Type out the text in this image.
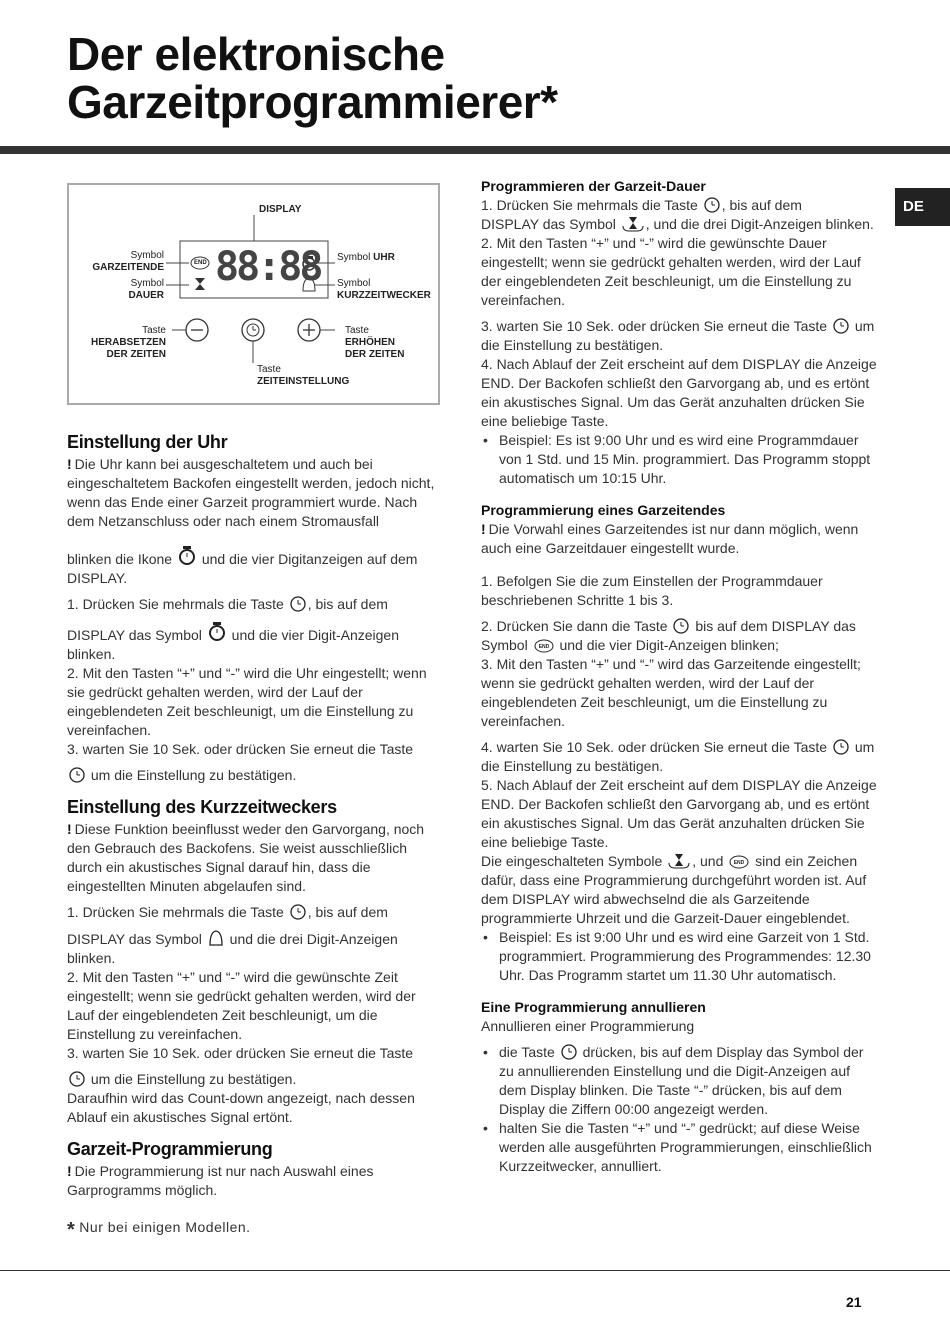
Der elektronische
Garzeitprogrammierer*
DE
DISPLAY
88:88
END
Symbol
GARZEITENDE
Symbol
DAUER
Symbol UHR
Symbol
KURZZEITWECKER
Taste
HERABSETZEN
DER ZEITEN
Taste
ERHÖHEN
DER ZEITEN
Taste
ZEITEINSTELLUNG
Einstellung der Uhr

! Die Uhr kann bei ausgeschaltetem und auch bei eingeschaltetem Backofen eingestellt werden, jedoch nicht, wenn das Ende einer Garzeit programmiert wurde. Nach dem Netzanschluss oder nach einem Stromausfall

blinken die Ikone und die vier Digitanzeigen auf dem DISPLAY.

1. Drücken Sie mehrmals die Taste , bis auf dem

DISPLAY das Symbol und die vier Digit-Anzeigen blinken.

2. Mit den Tasten “+” und “-” wird die Uhr eingestellt; wenn sie gedrückt gehalten werden, wird der Lauf der eingeblendeten Zeit beschleunigt, um die Einstellung zu vereinfachen.

3. warten Sie 10 Sek. oder drücken Sie erneut die Taste

um die Einstellung zu bestätigen.

Einstellung des Kurzzeitweckers

! Diese Funktion beeinflusst weder den Garvorgang, noch den Gebrauch des Backofens. Sie weist ausschließlich durch ein akustisches Signal darauf hin, dass die eingestellten Minuten abgelaufen sind.

1. Drücken Sie mehrmals die Taste , bis auf dem

DISPLAY das Symbol und die drei Digit-Anzeigen blinken.

2. Mit den Tasten “+” und “-” wird die gewünschte Zeit eingestellt; wenn sie gedrückt gehalten werden, wird der Lauf der eingeblendeten Zeit beschleunigt, um die Einstellung zu vereinfachen.

3. warten Sie 10 Sek. oder drücken Sie erneut die Taste

um die Einstellung zu bestätigen.

Daraufhin wird das Count-down angezeigt, nach dessen Ablauf ein akustisches Signal ertönt.

Garzeit-Programmierung

! Die Programmierung ist nur nach Auswahl eines Garprogramms möglich.

* Nur bei einigen Modellen.
Programmieren der Garzeit-Dauer

1. Drücken Sie mehrmals die Taste , bis auf dem

DISPLAY das Symbol , und die drei Digit-Anzeigen blinken.

2. Mit den Tasten “+” und “-” wird die gewünschte Dauer eingestellt; wenn sie gedrückt gehalten werden, wird der Lauf der eingeblendeten Zeit beschleunigt, um die Einstellung zu vereinfachen.

3. warten Sie 10 Sek. oder drücken Sie erneut die Taste um die Einstellung zu bestätigen.

4. Nach Ablauf der Zeit erscheint auf dem DISPLAY die Anzeige END. Der Backofen schließt den Garvorgang ab, und es ertönt ein akustisches Signal. Um das Gerät anzuhalten drücken Sie eine beliebige Taste.

• Beispiel: Es ist 9:00 Uhr und es wird eine Programmdauer von 1 Std. und 15 Min. programmiert. Das Programm stoppt automatisch um 10:15 Uhr.

Programmierung eines Garzeitendes

! Die Vorwahl eines Garzeitendes ist nur dann möglich, wenn auch eine Garzeitdauer eingestellt wurde.

1. Befolgen Sie die zum Einstellen der Programmdauer beschriebenen Schritte 1 bis 3.

2. Drücken Sie dann die Taste bis auf dem DISPLAY das Symbol END und die vier Digit-Anzeigen blinken;

3. Mit den Tasten “+” und “-” wird das Garzeitende eingestellt; wenn sie gedrückt gehalten werden, wird der Lauf der eingeblendeten Zeit beschleunigt, um die Einstellung zu vereinfachen.

4. warten Sie 10 Sek. oder drücken Sie erneut die Taste um die Einstellung zu bestätigen.

5. Nach Ablauf der Zeit erscheint auf dem DISPLAY die Anzeige END. Der Backofen schließt den Garvorgang ab, und es ertönt ein akustisches Signal. Um das Gerät anzuhalten drücken Sie eine beliebige Taste.

Die eingeschalteten Symbole , und END sind ein Zeichen dafür, dass eine Programmierung durchgeführt worden ist. Auf dem DISPLAY wird abwechselnd die als Garzeitende programmierte Uhrzeit und die Garzeit-Dauer eingeblendet.

• Beispiel: Es ist 9:00 Uhr und es wird eine Garzeit von 1 Std. programmiert. Programmierung des Programmendes: 12.30 Uhr. Das Programm startet um 11.30 Uhr automatisch.

Eine Programmierung annullieren

Annullieren einer Programmierung

• die Taste drücken, bis auf dem Display das Symbol der zu annullierenden Einstellung und die Digit-Anzeigen auf dem Display blinken. Die Taste “-” drücken, bis auf dem Display die Ziffern 00:00 angezeigt werden.

• halten Sie die Tasten “+” und “-” gedrückt; auf diese Weise werden alle ausgeführten Programmierungen, einschließlich Kurzzeitwecker, annulliert.

21
